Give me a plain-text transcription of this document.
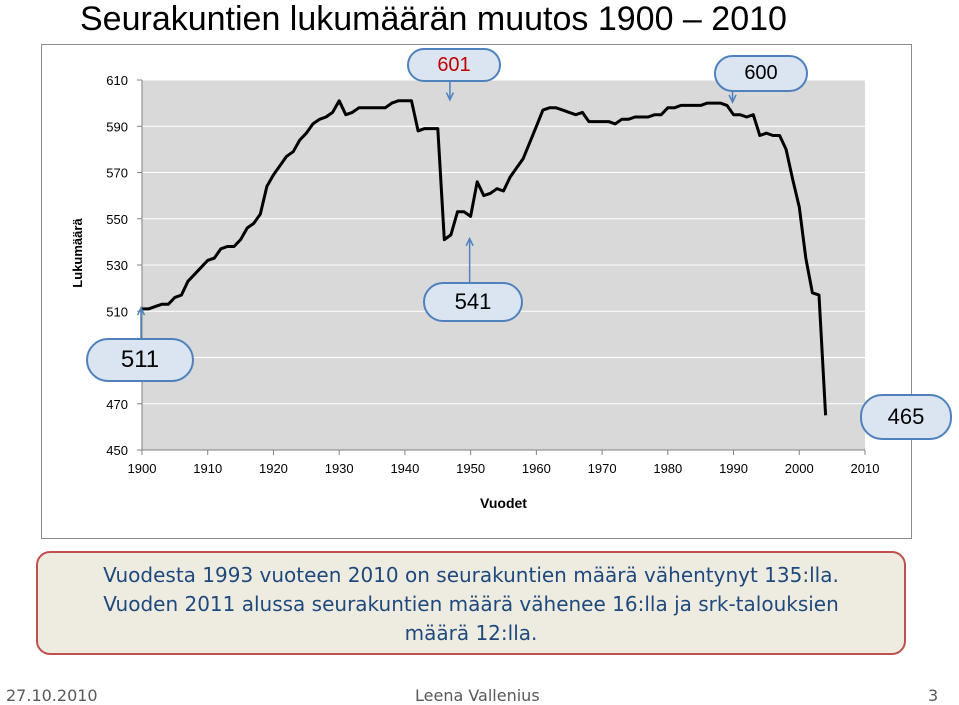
Seurakuntien lukumäärän muutos 1900 – 2010
450
470
510
530
550
570
590
610
1900	1910	1920	1930	1940	1950	1960	1970	1980	1990	2000	2010
Vuodet
Lukumäärä
Vuodesta 1993 vuoteen 2010 on seurakuntien määrä vähentynyt 135:lla.
Vuoden 2011 alussa seurakuntien määrä vähenee 16:lla ja srk-talouksien
määrä 12:lla.
27.10.2010	Leena Vallenius	3
601	600
541
511
465
